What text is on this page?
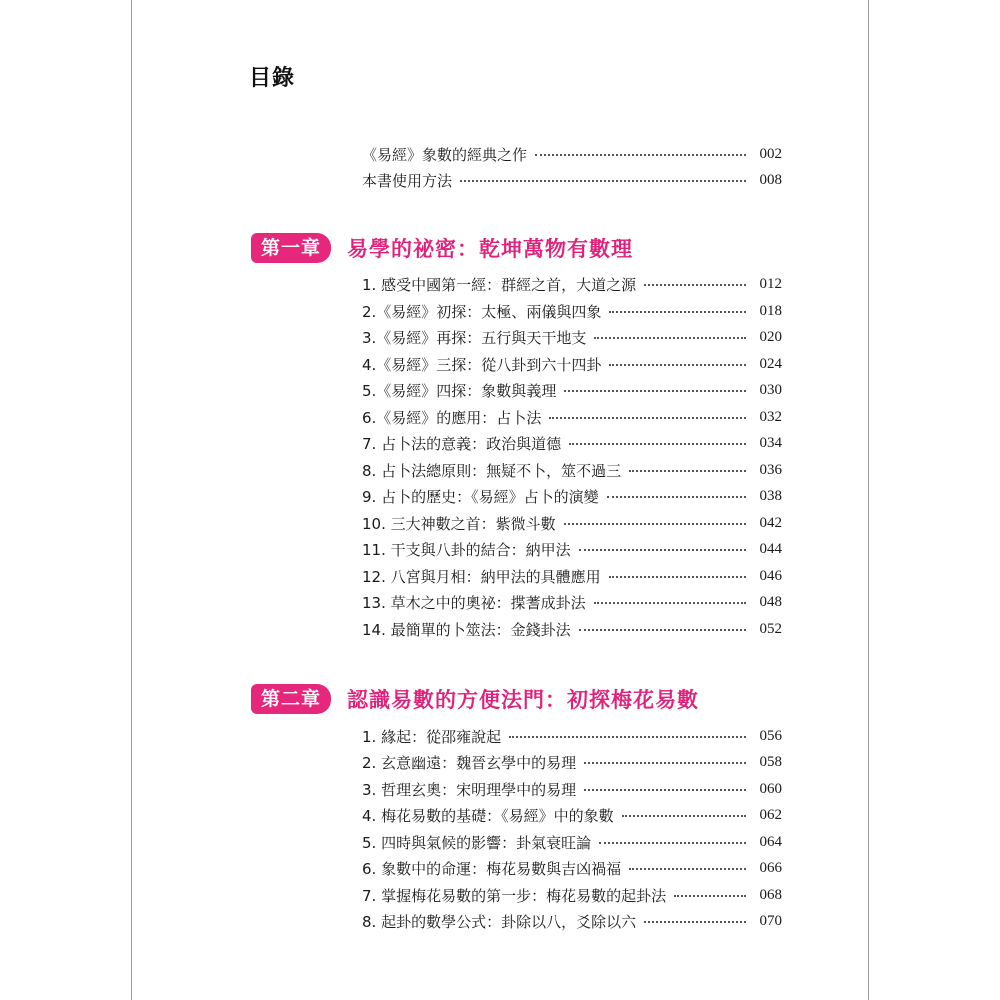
目錄
《易經》象數的經典之作	002
本書使用方法	008
第一章	易學的祕密：乾坤萬物有數理
1. 感受中國第一經：群經之首，大道之源	012
2.《易經》初探：太極、兩儀與四象	018
3.《易經》再探：五行與天干地支	020
4.《易經》三探：從八卦到六十四卦	024
5.《易經》四探：象數與義理	030
6.《易經》的應用：占卜法	032
7. 占卜法的意義：政治與道德	034
8. 占卜法總原則：無疑不卜，筮不過三	036
9. 占卜的歷史：《易經》占卜的演變	038
10. 三大神數之首：紫微斗數	042
11. 干支與八卦的結合：納甲法	044
12. 八宮與月相：納甲法的具體應用	046
13. 草木之中的奧祕：揲蓍成卦法	048
14. 最簡單的卜筮法：金錢卦法	052
第二章	認識易數的方便法門：初探梅花易數
1. 緣起：從邵雍說起	056
2. 玄意幽遠：魏晉玄學中的易理	058
3. 哲理玄奧：宋明理學中的易理	060
4. 梅花易數的基礎：《易經》中的象數	062
5. 四時與氣候的影響：卦氣衰旺論	064
6. 象數中的命運：梅花易數與吉凶禍福	066
7. 掌握梅花易數的第一步：梅花易數的起卦法	068
8. 起卦的數學公式：卦除以八，爻除以六	070
